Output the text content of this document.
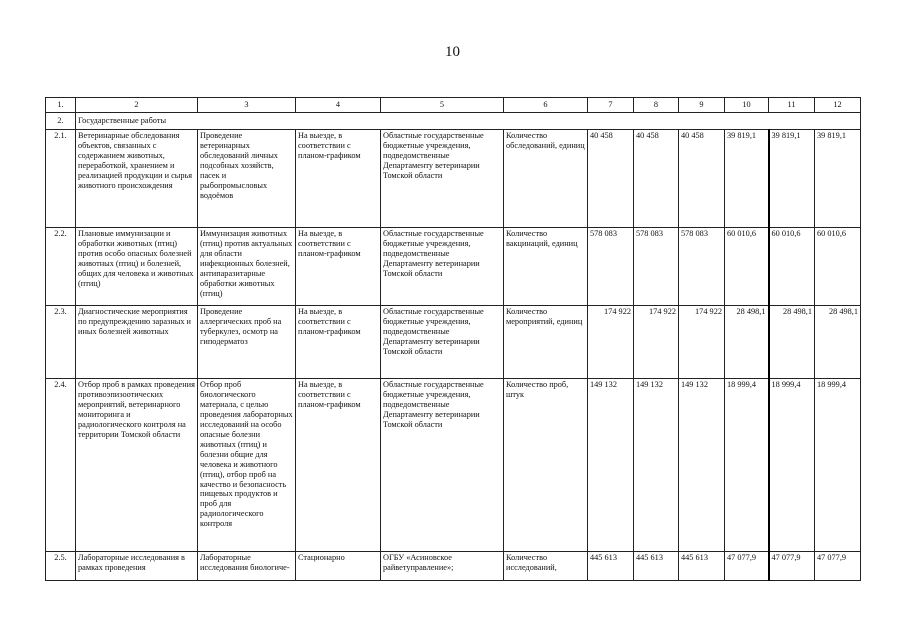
10
1.	2	3	4	5	6	7	8	9	10	11	12
2.	Государственные работы										
2.1.	Ветеринарные обследования объектов, связанных с содержанием животных, переработкой, хранением и реализацией продукции и сырья животного происхождения	Проведение ветеринарных обследований личных подсобных хозяйств, пасек и рыбопромысловых водоёмов	На выезде, в соответствии с планом-графиком	Областные государственные бюджетные учреждения, подведомственные Департаменту ветеринарии Томской области	Количество обследований, единиц	40 458	40 458	40 458	39 819,1	39 819,1	39 819,1
2.2.	Плановые иммунизации и обработки животных (птиц) против особо опасных болезней животных (птиц) и болезней, общих для человека и животных (птиц)	Иммунизация животных (птиц) против актуальных для области инфекционных болезней, антипаразитарные обработки животных (птиц)	На выезде, в соответствии с планом-графиком	Областные государственные бюджетные учреждения, подведомственные Департаменту ветеринарии Томской области	Количество вакцинаций, единиц	578 083	578 083	578 083	60 010,6	60 010,6	60 010,6
2.3.	Диагностические мероприятия по предупреждению заразных и иных болезней животных	Проведение аллергических проб на туберкулез, осмотр на гиподерматоз	На выезде, в соответствии с планом-графиком	Областные государственные бюджетные учреждения, подведомственные Департаменту ветеринарии Томской области	Количество мероприятий, единиц	174 922	174 922	174 922	28 498,1	28 498,1	28 498,1
2.4.	Отбор проб в рамках проведения противоэпизоотических мероприятий, ветеринарного мониторинга и радиологического контроля на территории Томской области	Отбор проб биологического материала, с целью проведения лабораторных исследований на особо опасные болезни животных (птиц) и болезни общие для человека и животного (птиц), отбор проб на качество и безопасность пищевых продуктов и проб для радиологического контроля	На выезде, в соответствии с планом-графиком	Областные государственные бюджетные учреждения, подведомственные Департаменту ветеринарии Томской области	Количество проб, штук	149 132	149 132	149 132	18 999,4	18 999,4	18 999,4
2.5.	Лабораторные исследования в рамках проведения	Лабораторные исследования биологиче-	Стационарно	ОГБУ «Асиновское райветуправление»;	Количество исследований,	445 613	445 613	445 613	47 077,9	47 077,9	47 077,9
